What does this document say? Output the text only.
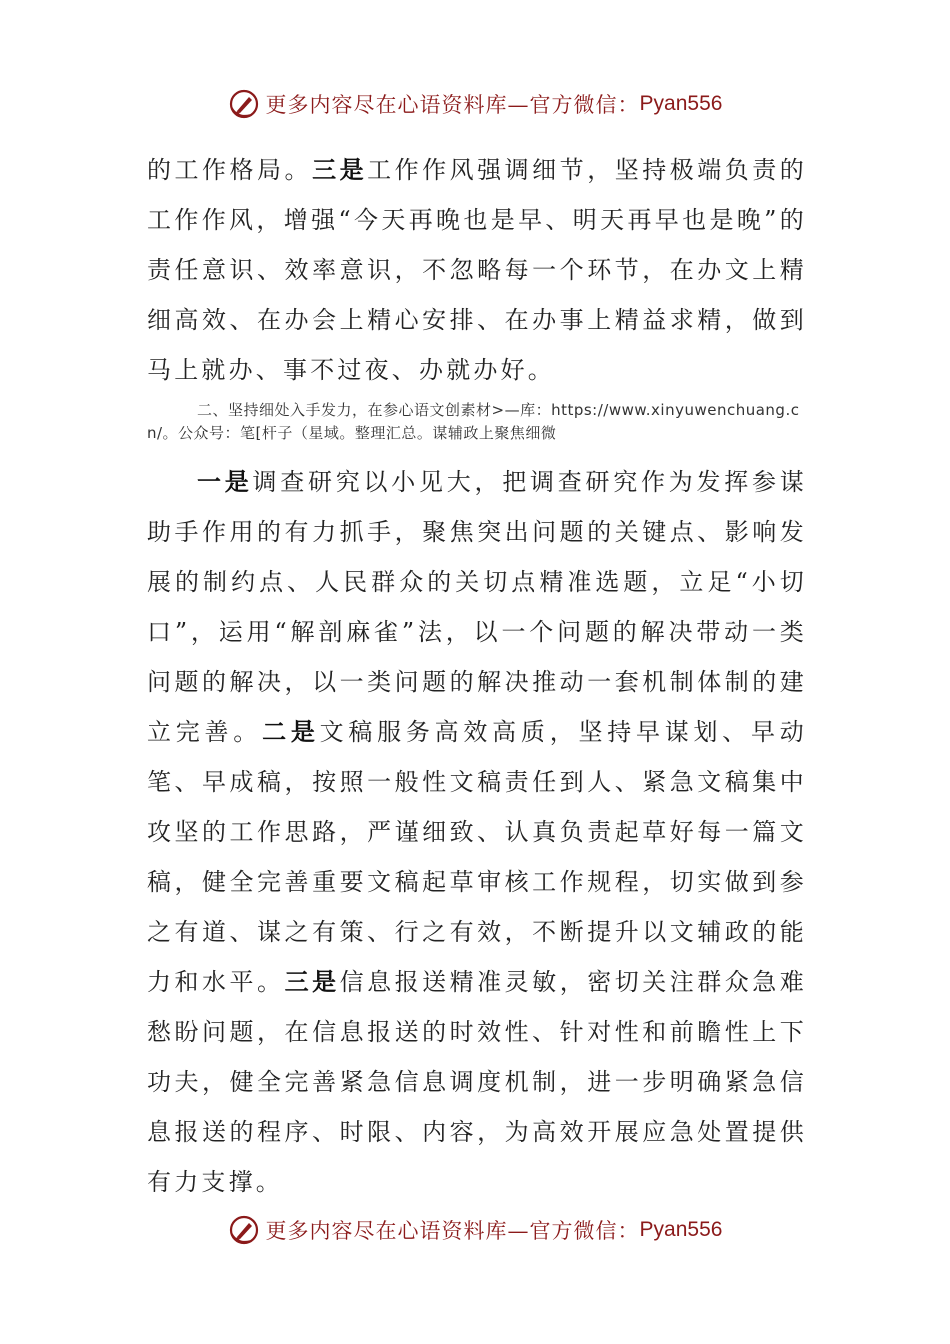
更多内容尽在心语资料库—官方微信： Pyan556

的工作格局。三是工作作风强调细节，坚持极端负责的工作作风，增强“今天再晚也是早、明天再早也是晚”的责任意识、效率意识，不忽略每一个环节，在办文上精细高效、在办会上精心安排、在办事上精益求精，做到马上就办、事不过夜、办就办好。

二、坚持细处入手发力，在参心语文创素材>—库：https://www.xinyuwenchuang.cn/。公众号：笔[杆子（星域。整理汇总。谋辅政上聚焦细微

一是调查研究以小见大，把调查研究作为发挥参谋助手作用的有力抓手，聚焦突出问题的关键点、影响发展的制约点、人民群众的关切点精准选题，立足“小切口”，运用“解剖麻雀”法，以一个问题的解决带动一类问题的解决，以一类问题的解决推动一套机制体制的建立完善。二是文稿服务高效高质，坚持早谋划、早动笔、早成稿，按照一般性文稿责任到人、紧急文稿集中攻坚的工作思路，严谨细致、认真负责起草好每一篇文稿，健全完善重要文稿起草审核工作规程，切实做到参之有道、谋之有策、行之有效，不断提升以文辅政的能力和水平。三是信息报送精准灵敏，密切关注群众急难愁盼问题，在信息报送的时效性、针对性和前瞻性上下功夫，健全完善紧急信息调度机制，进一步明确紧急信息报送的程序、时限、内容，为高效开展应急处置提供有力支撑。

更多内容尽在心语资料库—官方微信： Pyan556
